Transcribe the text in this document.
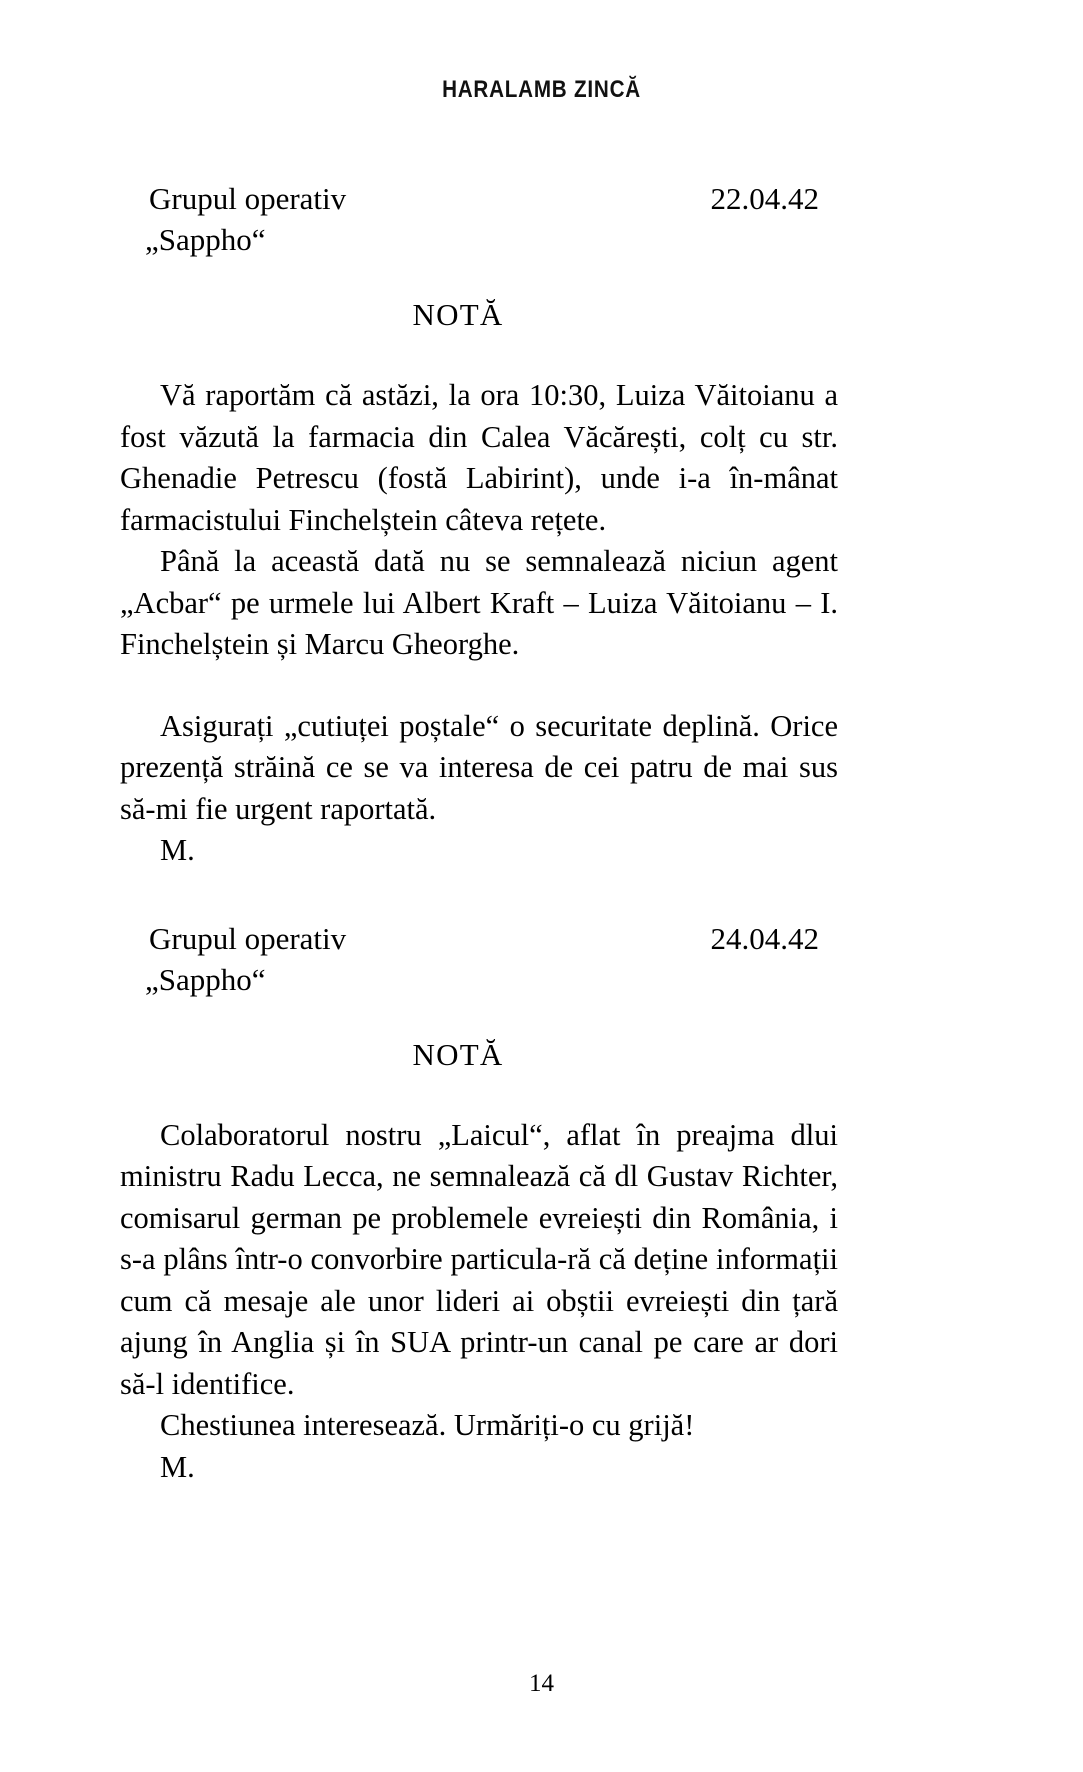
HARALAMB ZINCĂ
Grupul operativ	22.04.42
„Sappho“
NOTĂ

Vă raportăm că astăzi, la ora 10:30, Luiza Văitoianu a fost văzută la farmacia din Calea Văcărești, colț cu str. Ghenadie Petrescu (fostă Labirint), unde i-a în-mânat farmacistului Finchelștein câteva rețete.

Până la această dată nu se semnalează niciun agent „Acbar“ pe urmele lui Albert Kraft – Luiza Văitoianu – I. Finchelștein și Marcu Gheorghe.

Asigurați „cutiuței poștale“ o securitate deplină. Orice prezență străină ce se va interesa de cei patru de mai sus să-mi fie urgent raportată.

M.
Grupul operativ	24.04.42
„Sappho“
NOTĂ

Colaboratorul nostru „Laicul“, aflat în preajma dlui ministru Radu Lecca, ne semnalează că dl Gustav Richter, comisarul german pe problemele evreiești din România, i s-a plâns într-o convorbire particula-ră că deține informații cum că mesaje ale unor lideri ai obștii evreiești din țară ajung în Anglia și în SUA printr-un canal pe care ar dori să-l identifice.

Chestiunea interesează. Urmăriți-o cu grijă!

M.
14
